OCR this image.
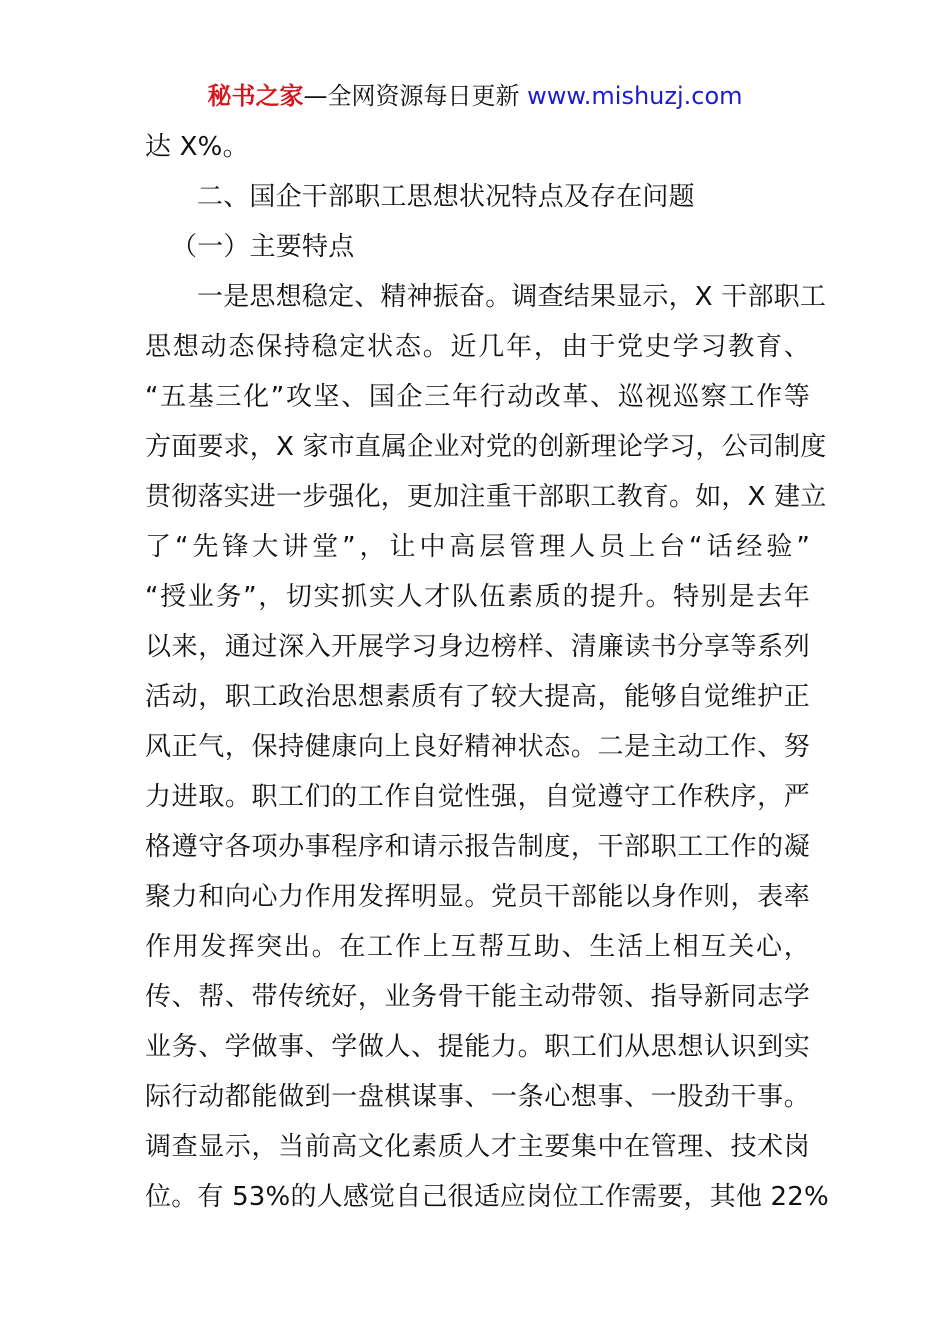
秘书之家—全网资源每日更新 www.mishuzj.com
达 X%。
二、国企干部职工思想状况特点及存在问题
（一）主要特点
一是思想稳定、精神振奋。调查结果显示，X 干部职工
思想动态保持稳定状态。近几年，由于党史学习教育、
“五基三化”攻坚、国企三年行动改革、巡视巡察工作等
方面要求，X 家市直属企业对党的创新理论学习，公司制度
贯彻落实进一步强化，更加注重干部职工教育。如，X 建立
了“先锋大讲堂”，让中高层管理人员上台“话经验”
“授业务”，切实抓实人才队伍素质的提升。特别是去年
以来，通过深入开展学习身边榜样、清廉读书分享等系列
活动，职工政治思想素质有了较大提高，能够自觉维护正
风正气，保持健康向上良好精神状态。二是主动工作、努
力进取。职工们的工作自觉性强，自觉遵守工作秩序，严
格遵守各项办事程序和请示报告制度，干部职工工作的凝
聚力和向心力作用发挥明显。党员干部能以身作则，表率
作用发挥突出。在工作上互帮互助、生活上相互关心，
传、帮、带传统好，业务骨干能主动带领、指导新同志学
业务、学做事、学做人、提能力。职工们从思想认识到实
际行动都能做到一盘棋谋事、一条心想事、一股劲干事。
调查显示，当前高文化素质人才主要集中在管理、技术岗
位。有 53%的人感觉自己很适应岗位工作需要，其他 22%
